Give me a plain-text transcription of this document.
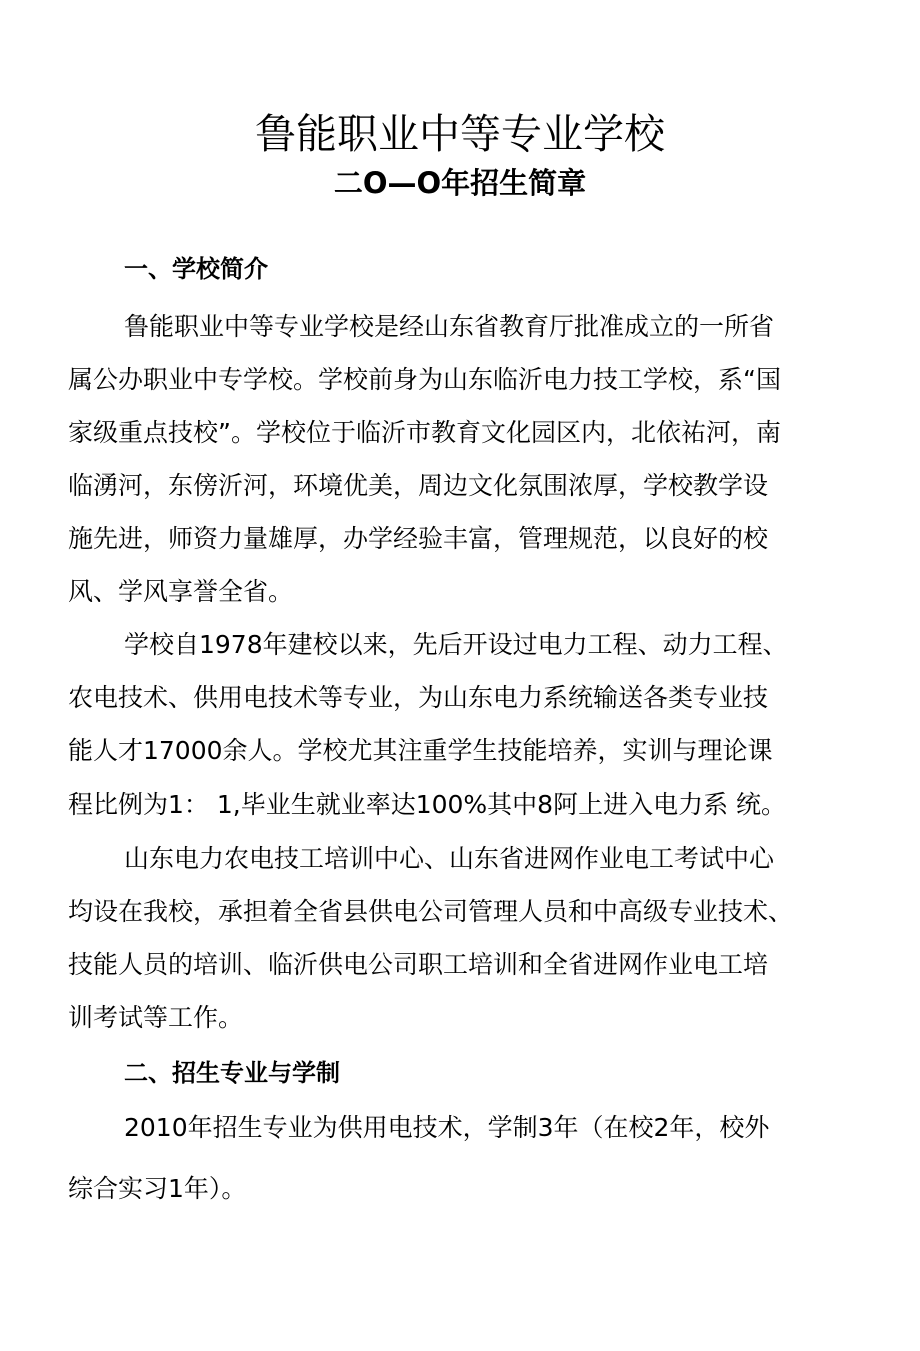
鲁能职业中等专业学校
二O—O年招生简章
一、学校简介

鲁能职业中等专业学校是经山东省教育厅批准成立的一所省

属公办职业中专学校。学校前身为山东临沂电力技工学校，系“国

家级重点技校”。学校位于临沂市教育文化园区内，北依祐河，南

临湧河，东傍沂河，环境优美，周边文化氛围浓厚，学校教学设

施先进，师资力量雄厚，办学经验丰富，管理规范，以良好的校

风、学风享誉全省。

学校自1978年建校以来，先后开设过电力工程、动力工程、

农电技术、供用电技术等专业，为山东电力系统输送各类专业技

能人才17000余人。学校尤其注重学生技能培养，实训与理论课

程比例为1： 1,毕业生就业率达100%其中8阿上进入电力系 统。

山东电力农电技工培训中心、山东省进网作业电工考试中心

均设在我校，承担着全省县供电公司管理人员和中高级专业技术、

技能人员的培训、临沂供电公司职工培训和全省进网作业电工培

训考试等工作。

二、招生专业与学制

2010年招生专业为供用电技术，学制3年（在校2年，校外

综合实习1年）。
